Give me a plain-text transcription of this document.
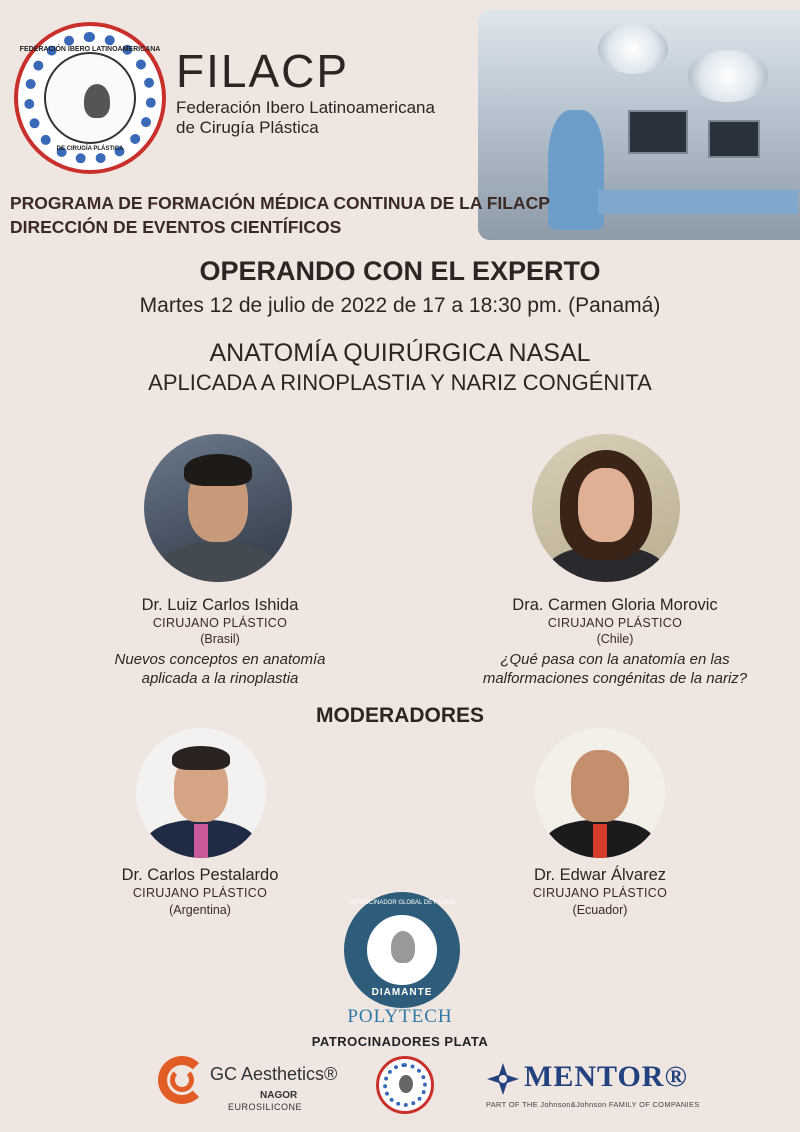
FEDERACIÓN IBERO LATINOAMERICANA
DE CIRUGÍA PLÁSTICA
FILACP
Federación Ibero Latinoamericana
de Cirugía Plástica
PROGRAMA DE FORMACIÓN MÉDICA CONTINUA DE LA FILACP
DIRECCIÓN DE EVENTOS CIENTÍFICOS
OPERANDO CON EL EXPERTO
Martes 12 de julio de 2022 de 17 a 18:30 pm. (Panamá)
ANATOMÍA QUIRÚRGICA NASAL
APLICADA A RINOPLASTIA Y NARIZ CONGÉNITA
Dr. Luiz Carlos Ishida
CIRUJANO PLÁSTICO
(Brasil)
Nuevos conceptos en anatomía
aplicada a la rinoplastia
Dra. Carmen Gloria Morovic
CIRUJANO PLÁSTICO
(Chile)
¿Qué pasa con la anatomía en las
malformaciones congénitas de la nariz?
MODERADORES
Dr. Carlos Pestalardo
CIRUJANO PLÁSTICO
(Argentina)
Dr. Edwar Álvarez
CIRUJANO PLÁSTICO
(Ecuador)
PATROCINADOR GLOBAL DE FILACP
DIAMANTE
POLYTECH
PATROCINADORES PLATA
GC Aesthetics®
NAGOR
EUROSILICONE
MENTOR®
PART OF THE Johnson&Johnson FAMILY OF COMPANIES
